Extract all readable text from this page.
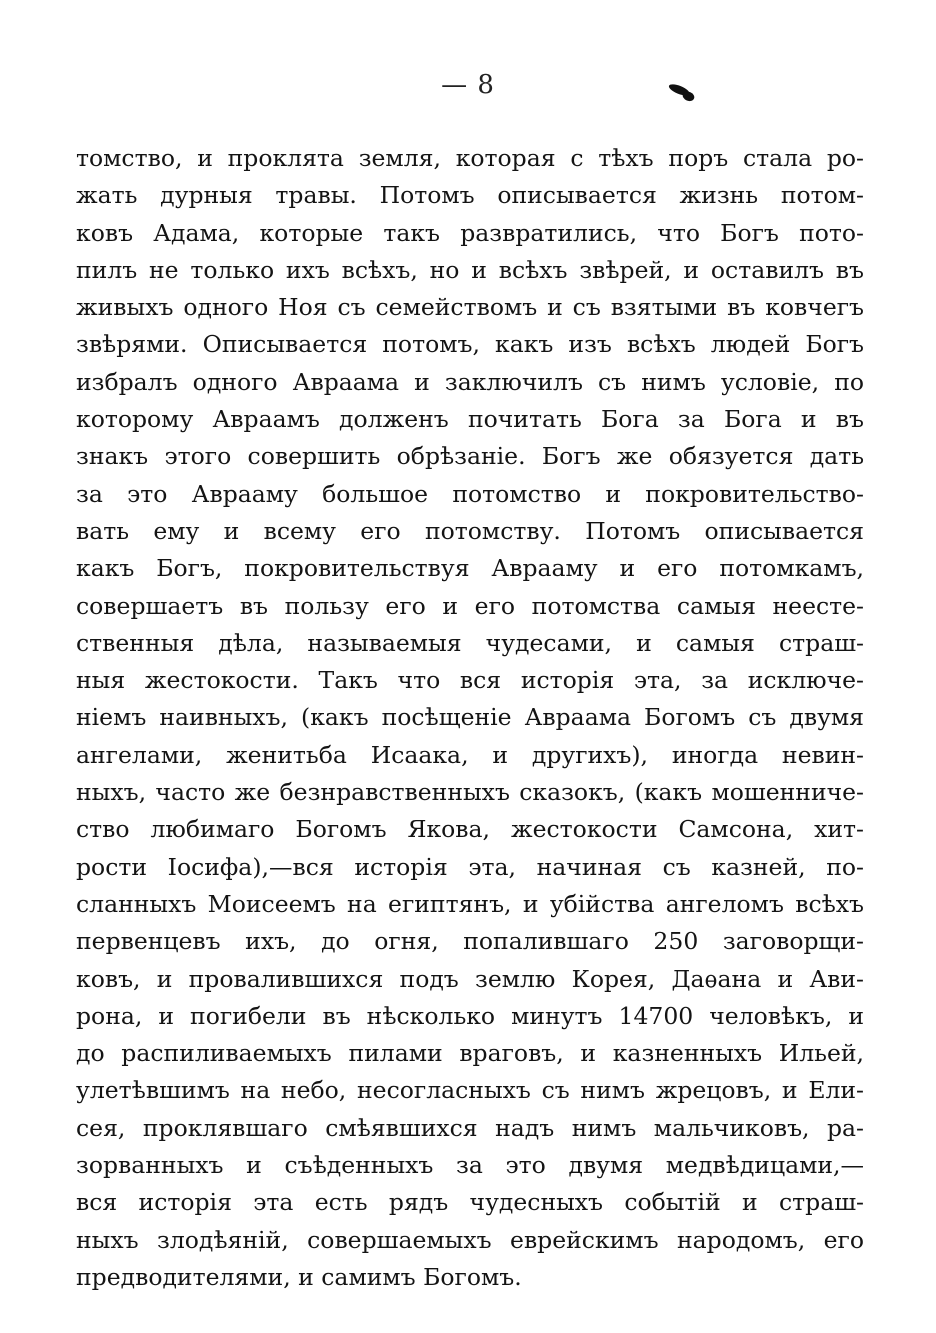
— 8
томство, и проклята земля, которая с тѣхъ поръ стала ро-
жать дурныя травы. Потомъ описывается жизнь потом-
ковъ Адама, которые такъ развратились, что Богъ пото-
пилъ не только ихъ всѣхъ, но и всѣхъ звѣрей, и оставилъ въ
живыхъ одного Ноя съ семействомъ и съ взятыми въ ковчегъ
звѣрями. Описывается потомъ, какъ изъ всѣхъ людей Богъ
избралъ одного Авраама и заключилъ съ нимъ условіе, по
которому Авраамъ долженъ почитать Бога за Бога и въ
знакъ этого совершить обрѣзаніе. Богъ же обязуется дать
за это Аврааму большое потомство и покровительство-
вать ему и всему его потомству. Потомъ описывается
какъ Богъ, покровительствуя Аврааму и его потомкамъ,
совершаетъ въ пользу его и его потомства самыя неесте-
ственныя дѣла, называемыя чудесами, и самыя страш-
ныя жестокости. Такъ что вся исторія эта, за исключе-
ніемъ наивныхъ, (какъ посѣщеніе Авраама Богомъ съ двумя
ангелами, женитьба Исаака, и другихъ), иногда невин-
ныхъ, часто же безнравственныхъ сказокъ, (какъ мошенниче-
ство любимаго Богомъ Якова, жестокости Самсона, хит-
рости Іосифа),—вся исторія эта, начиная съ казней, по-
сланныхъ Моисеемъ на египтянъ, и убійства ангеломъ всѣхъ
первенцевъ ихъ, до огня, попалившаго 250 заговорщи-
ковъ, и провалившихся подъ землю Корея, Даѳана и Ави-
рона, и погибели въ нѣсколько минутъ 14700 человѣкъ, и
до распиливаемыхъ пилами враговъ, и казненныхъ Ильей,
улетѣвшимъ на небо, несогласныхъ съ нимъ жрецовъ, и Ели-
сея, проклявшаго смѣявшихся надъ нимъ мальчиковъ, ра-
зорванныхъ и съѣденныхъ за это двумя медвѣдицами,—
вся исторія эта есть рядъ чудесныхъ событій и страш-
ныхъ злодѣяній, совершаемыхъ еврейскимъ народомъ, его
предводителями, и самимъ Богомъ.
